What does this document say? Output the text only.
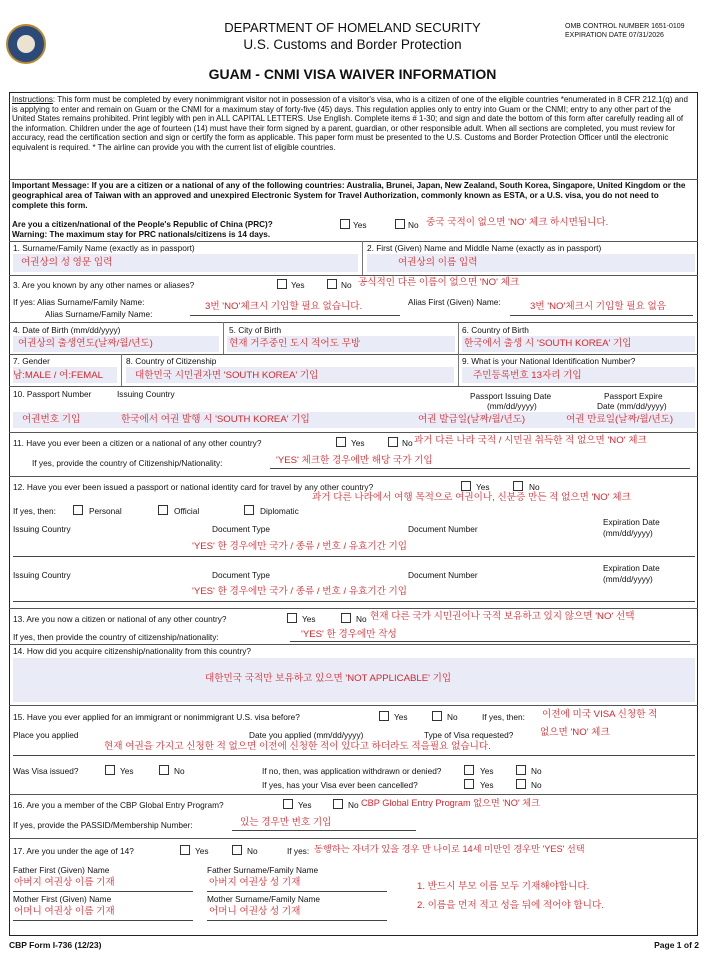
DEPARTMENT OF HOMELAND SECURITY
U.S. Customs and Border Protection
OMB CONTROL NUMBER 1651-0109
EXPIRATION DATE 07/31/2026
GUAM - CNMI VISA WAIVER INFORMATION
Instructions: This form must be completed by every nonimmigrant visitor not in possession of a visitor's visa, who is a citizen of one of the eligible countries *enumerated in 8 CFR 212.1(q) and is applying to enter and remain on Guam or the CNMI for a maximum stay of forty-five (45) days. This regulation applies only to entry into Guam or the CNMI; entry to any other part of the United States remains prohibited. Print legibly with pen in ALL CAPITAL LETTERS. Use English. Complete items # 1-30; and sign and date the bottom of this form after carefully reading all of the information. Children under the age of fourteen (14) must have their form signed by a parent, guardian, or other responsible adult. When all sections are completed, you must review for accuracy, read the certification section and sign or certify the form as applicable. This paper form must be presented to the U.S. Customs and Border Protection Officer until the electronic equivalent is required. * The airline can provide you with the current list of eligible countries.
Important Message: If you are a citizen or a national of any of the following countries: Australia, Brunei, Japan, New Zealand, South Korea, Singapore, United Kingdom or the geographical area of Taiwan with an approved and unexpired Electronic System for Travel Authorization, commonly known as ESTA, or a U.S. visa, you do not need to complete this form.
Are you a citizen/national of the People's Republic of China (PRC)?	Yes	No 중국 국적이 없으면 'NO' 체크 하시면됩니다.
Warning: The maximum stay for PRC nationals/citizens is 14 days.
1. Surname/Family Name (exactly as in passport)
여권상의 성 영문 입력
2. First (Given) Name and Middle Name (exactly as in passport)
여권상의 이름 입력
3. Are you known by any other names or aliases?	Yes	No 공식적인 다른 이름이 없으면 'NO' 체크
If yes: Alias Surname/Family Name:
Alias Surname/Family Name:
3번 'NO'체크시 기입할 필요 없습니다.	Alias First (Given) Name:	3번 'NO'체크시 기입할 필요 없음
4. Date of Birth (mm/dd/yyyy)
여권상의 출생연도(날짜/월/년도)
5. City of Birth
현재 거주중인 도시 적어도 무방
6. Country of Birth
한국에서 출생 시 'SOUTH KOREA' 기입
7. Gender
남:MALE / 여:FEMAL
8. Country of Citizenship
대한민국 시민권자면 'SOUTH KOREA' 기입
9. What is your National Identification Number?
주민등록번호 13자리 기입
10. Passport Number	Issuing Country	Passport Issuing Date
(mm/dd/yyyy)
Passport Expire
Date (mm/dd/yyyy)
여권번호 기입	한국에서 여권 발행 시 'SOUTH KOREA' 기입	여권 발급일(날짜/월/년도)	여권 만료일(날짜/월/년도)
11. Have you ever been a citizen or a national of any other country?	Yes	No 과거 다른 나라 국적 / 시민권 취득한 적 없으면 'NO' 체크
If yes, provide the country of Citizenship/Nationality:	'YES' 체크한 경우에만 해당 국가 기입
12. Have you ever been issued a passport or national identity card for travel by any other country?	Yes	No
과거 다른 나라에서 여행 목적으로 여권이나, 신분증 만든 적 없으면 'NO' 체크
If yes, then:	Personal	Official	Diplomatic
Issuing Country	Document Type	Document Number
Expiration Date
(mm/dd/yyyy)
'YES' 한 경우에만 국가 / 종류 / 번호 / 유효기간 기입
Issuing Country	Document Type	Document Number
Expiration Date
(mm/dd/yyyy)
'YES' 한 경우에만 국가 / 종류 / 번호 / 유효기간 기입
13. Are you now a citizen or national of any other country?	Yes	No 현재 다른 국가 시민권이나 국적 보유하고 있지 않으면 'NO' 선택
If yes, then provide the country of citizenship/nationality:	'YES' 한 경우에만 작성
14. How did you acquire citizenship/nationality from this country?
대한민국 국적만 보유하고 있으면 'NOT APPLICABLE' 기입
15. Have you ever applied for an immigrant or nonimmigrant U.S. visa before?	Yes	No	If yes, then: 이전에 미국 VISA 신청한 적
Place you applied	Date you applied (mm/dd/yyyy)	Type of Visa requested?	없으면 'NO' 체크
현재 여권을 가지고 신청한 적 없으면 이전에 신청한 적이 있다고 하더라도 적을필요 없습니다.
Was Visa issued?	Yes	No	If no, then, was application withdrawn or denied?	Yes	No
If yes, has your Visa ever been cancelled?	Yes	No
16. Are you a member of the CBP Global Entry Program?	Yes	No CBP Global Entry Program 없으면 'NO' 체크
If yes, provide the PASSID/Membership Number:	있는 경우만 번호 기입
17. Are you under the age of 14?	Yes	No	If yes: 동행하는 자녀가 있을 경우 만 나이로 14세 미만인 경우만 'YES' 선택
Father First (Given) Name	Father Surname/Family Name
아버지 여권상 이름 기재	아버지 여권상 성 기재
Mother First (Given) Name	Mother Surname/Family Name
어머니 여권상 이름 기재	어머니 여권상 성 기재
1. 반드시 부모 이름 모두 기재해야합니다.
2. 이름을 먼저 적고 성을 뒤에 적어야 합니다.
CBP Form I-736 (12/23)	Page 1 of 2
